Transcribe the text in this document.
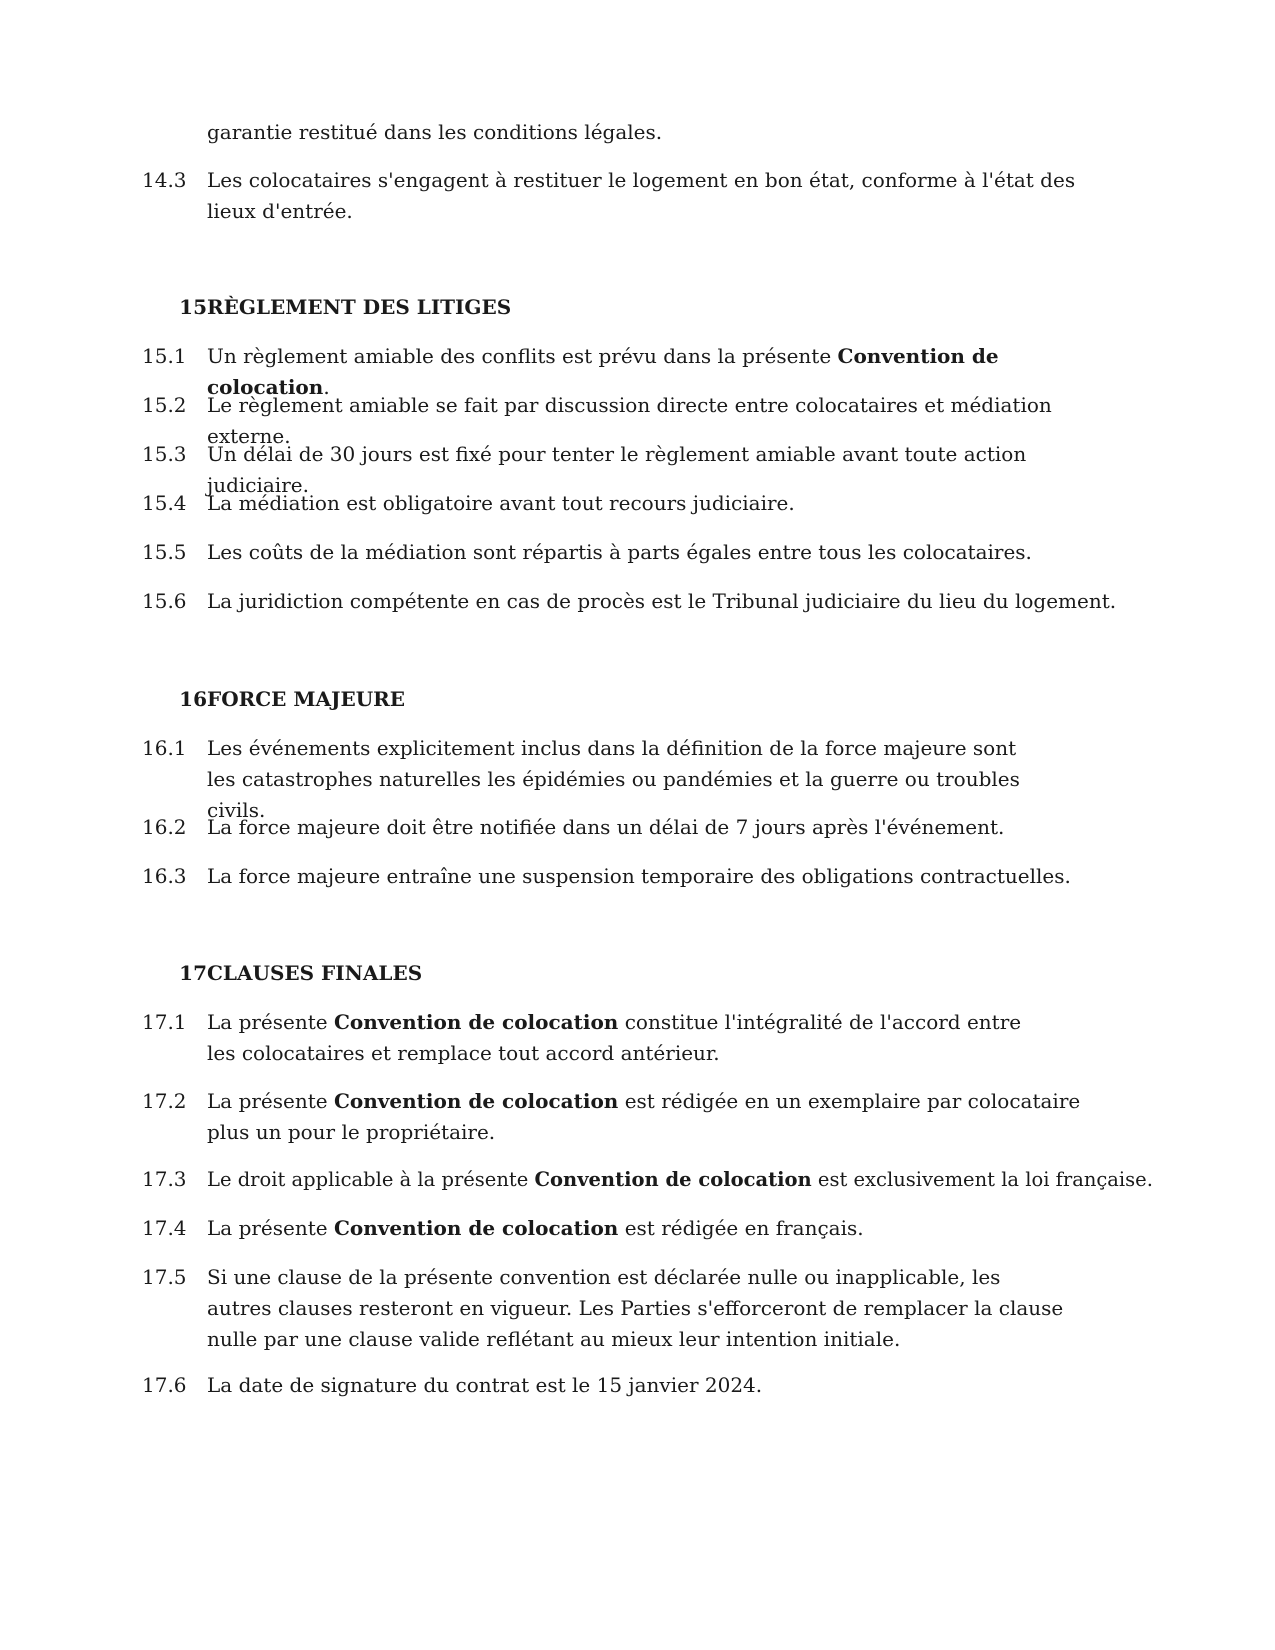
garantie restitué dans les conditions légales.
14.3	Les colocataires s'engagent à restituer le logement en bon état, conforme à l'état des lieux d'entrée.
15 RÈGLEMENT DES LITIGES
15.1	Un règlement amiable des conflits est prévu dans la présente Convention de colocation.
15.2	Le règlement amiable se fait par discussion directe entre colocataires et médiation externe.
15.3	Un délai de 30 jours est fixé pour tenter le règlement amiable avant toute action judiciaire.
15.4	La médiation est obligatoire avant tout recours judiciaire.
15.5	Les coûts de la médiation sont répartis à parts égales entre tous les colocataires.
15.6	La juridiction compétente en cas de procès est le Tribunal judiciaire du lieu du logement.
16 FORCE MAJEURE
16.1	Les événements explicitement inclus dans la définition de la force majeure sont les catastrophes naturelles les épidémies ou pandémies et la guerre ou troubles civils.
16.2	La force majeure doit être notifiée dans un délai de 7 jours après l'événement.
16.3	La force majeure entraîne une suspension temporaire des obligations contractuelles.
17 CLAUSES FINALES
17.1	La présente Convention de colocation constitue l'intégralité de l'accord entre les colocataires et remplace tout accord antérieur.
17.2	La présente Convention de colocation est rédigée en un exemplaire par colocataire plus un pour le propriétaire.
17.3	Le droit applicable à la présente Convention de colocation est exclusivement la loi française.
17.4	La présente Convention de colocation est rédigée en français.
17.5	Si une clause de la présente convention est déclarée nulle ou inapplicable, les autres clauses resteront en vigueur. Les Parties s'efforceront de remplacer la clause nulle par une clause valide reflétant au mieux leur intention initiale.
17.6	La date de signature du contrat est le 15 janvier 2024.
